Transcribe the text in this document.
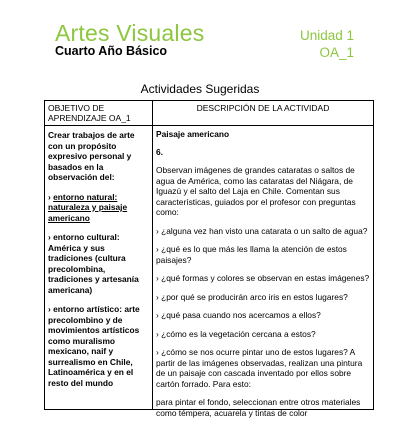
Artes Visuales
Cuarto Año Básico
Unidad 1
OA_1
Actividades Sugeridas
OBJETIVO DE APRENDIZAJE OA_1
DESCRIPCIÓN DE LA ACTIVIDAD

Crear trabajos de arte con un propósito expresivo personal y basados en la observación del:

› entorno natural: naturaleza y paisaje americano

› entorno cultural: América y sus tradiciones (cultura precolombina, tradiciones y artesanía americana)

› entorno artístico: arte precolombino y de movimientos artísticos como muralismo mexicano, naif y surrealismo en Chile, Latinoamérica y en el resto del mundo

Paisaje americano

6.

Observan imágenes de grandes cataratas o saltos de agua de América, como las cataratas del Niágara, de Iguazú y el salto del Laja en Chile. Comentan sus características, guiados por el profesor con preguntas como:

› ¿alguna vez han visto una catarata o un salto de agua?

› ¿qué es lo que más les llama la atención de estos paisajes?

› ¿qué formas y colores se observan en estas imágenes?

› ¿por qué se producirán arco iris en estos lugares?

› ¿qué pasa cuando nos acercamos a ellos?

› ¿cómo es la vegetación cercana a estos?

› ¿cómo se nos ocurre pintar uno de estos lugares? A partir de las imágenes observadas, realizan una pintura de un paisaje con cascada inventado por ellos sobre cartón forrado. Para esto:

para pintar el fondo, seleccionan entre otros materiales como témpera, acuarela y tintas de color
